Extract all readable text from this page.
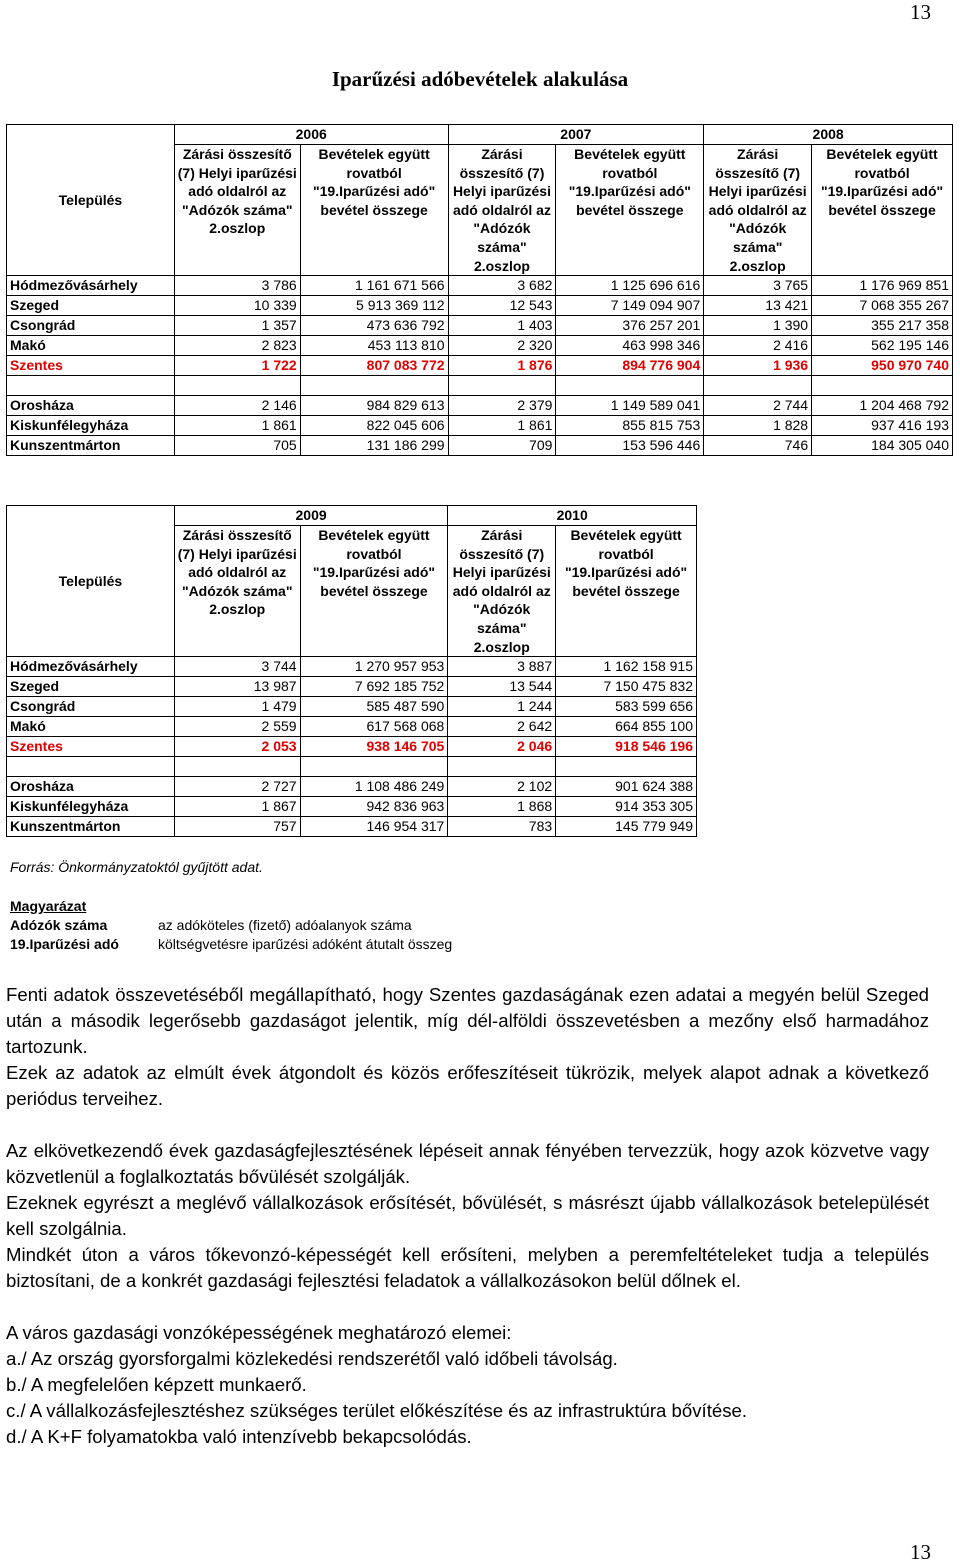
13
Iparűzési adóbevételek alakulása
Település	2006		2007		2008	
	Zárási összesítő (7) Helyi iparűzési adó oldalról az "Adózók száma" 2.oszlop	Bevételek együtt rovatból "19.Iparűzési adó" bevétel összege	Zárási összesítő (7) Helyi iparűzési adó oldalról az "Adózók száma" 2.oszlop	Bevételek együtt rovatból "19.Iparűzési adó" bevétel összege	Zárási összesítő (7) Helyi iparűzési adó oldalról az "Adózók száma" 2.oszlop	Bevételek együtt rovatból "19.Iparűzési adó" bevétel összege
Hódmezővásárhely	3 786	1 161 671 566	3 682	1 125 696 616	3 765	1 176 969 851
Szeged	10 339	5 913 369 112	12 543	7 149 094 907	13 421	7 068 355 267
Csongrád	1 357	473 636 792	1 403	376 257 201	1 390	355 217 358
Makó	2 823	453 113 810	2 320	463 998 346	2 416	562 195 146
Szentes	1 722	807 083 772	1 876	894 776 904	1 936	950 970 740

Orosháza	2 146	984 829 613	2 379	1 149 589 041	2 744	1 204 468 792
Kiskunfélegyháza	1 861	822 045 606	1 861	855 815 753	1 828	937 416 193
Kunszentmárton	705	131 186 299	709	153 596 446	746	184 305 040
Település	2009		2010	
	Zárási összesítő (7) Helyi iparűzési adó oldalról az "Adózók száma" 2.oszlop	Bevételek együtt rovatból "19.Iparűzési adó" bevétel összege	Zárási összesítő (7) Helyi iparűzési adó oldalról az "Adózók száma" 2.oszlop	Bevételek együtt rovatból "19.Iparűzési adó" bevétel összege
Hódmezővásárhely	3 744	1 270 957 953	3 887	1 162 158 915
Szeged	13 987	7 692 185 752	13 544	7 150 475 832
Csongrád	1 479	585 487 590	1 244	583 599 656
Makó	2 559	617 568 068	2 642	664 855 100
Szentes	2 053	938 146 705	2 046	918 546 196

Orosháza	2 727	1 108 486 249	2 102	901 624 388
Kiskunfélegyháza	1 867	942 836 963	1 868	914 353 305
Kunszentmárton	757	146 954 317	783	145 779 949
Forrás: Önkormányzatoktól gyűjtött adat.
Magyarázat
Adózók száma	az adóköteles (fizető) adóalanyok száma
19.Iparűzési adó	költségvetésre iparűzési adóként átutalt összeg

Fenti adatok összevetéséből megállapítható, hogy Szentes gazdaságának ezen adatai a megyén belül Szeged után a második legerősebb gazdaságot jelentik, míg dél-alföldi összevetésben a mezőny első harmadához tartozunk.

Ezek az adatok az elmúlt évek átgondolt és közös erőfeszítéseit tükrözik, melyek alapot adnak a következő periódus terveihez.

Az elkövetkezendő évek gazdaságfejlesztésének lépéseit annak fényében tervezzük, hogy azok közvetve vagy közvetlenül a foglalkoztatás bővülését szolgálják.

Ezeknek egyrészt a meglévő vállalkozások erősítését, bővülését, s másrészt újabb vállalkozások betelepülését kell szolgálnia.

Mindkét úton a város tőkevonzó-képességét kell erősíteni, melyben a peremfeltételeket tudja a település biztosítani, de a konkrét gazdasági fejlesztési feladatok a vállalkozásokon belül dőlnek el.

A város gazdasági vonzóképességének meghatározó elemei:

a./ Az ország gyorsforgalmi közlekedési rendszerétől való időbeli távolság.

b./ A megfelelően képzett munkaerő.

c./ A vállalkozásfejlesztéshez szükséges terület előkészítése és az infrastruktúra bővítése.

d./ A K+F folyamatokba való intenzívebb bekapcsolódás.

13
